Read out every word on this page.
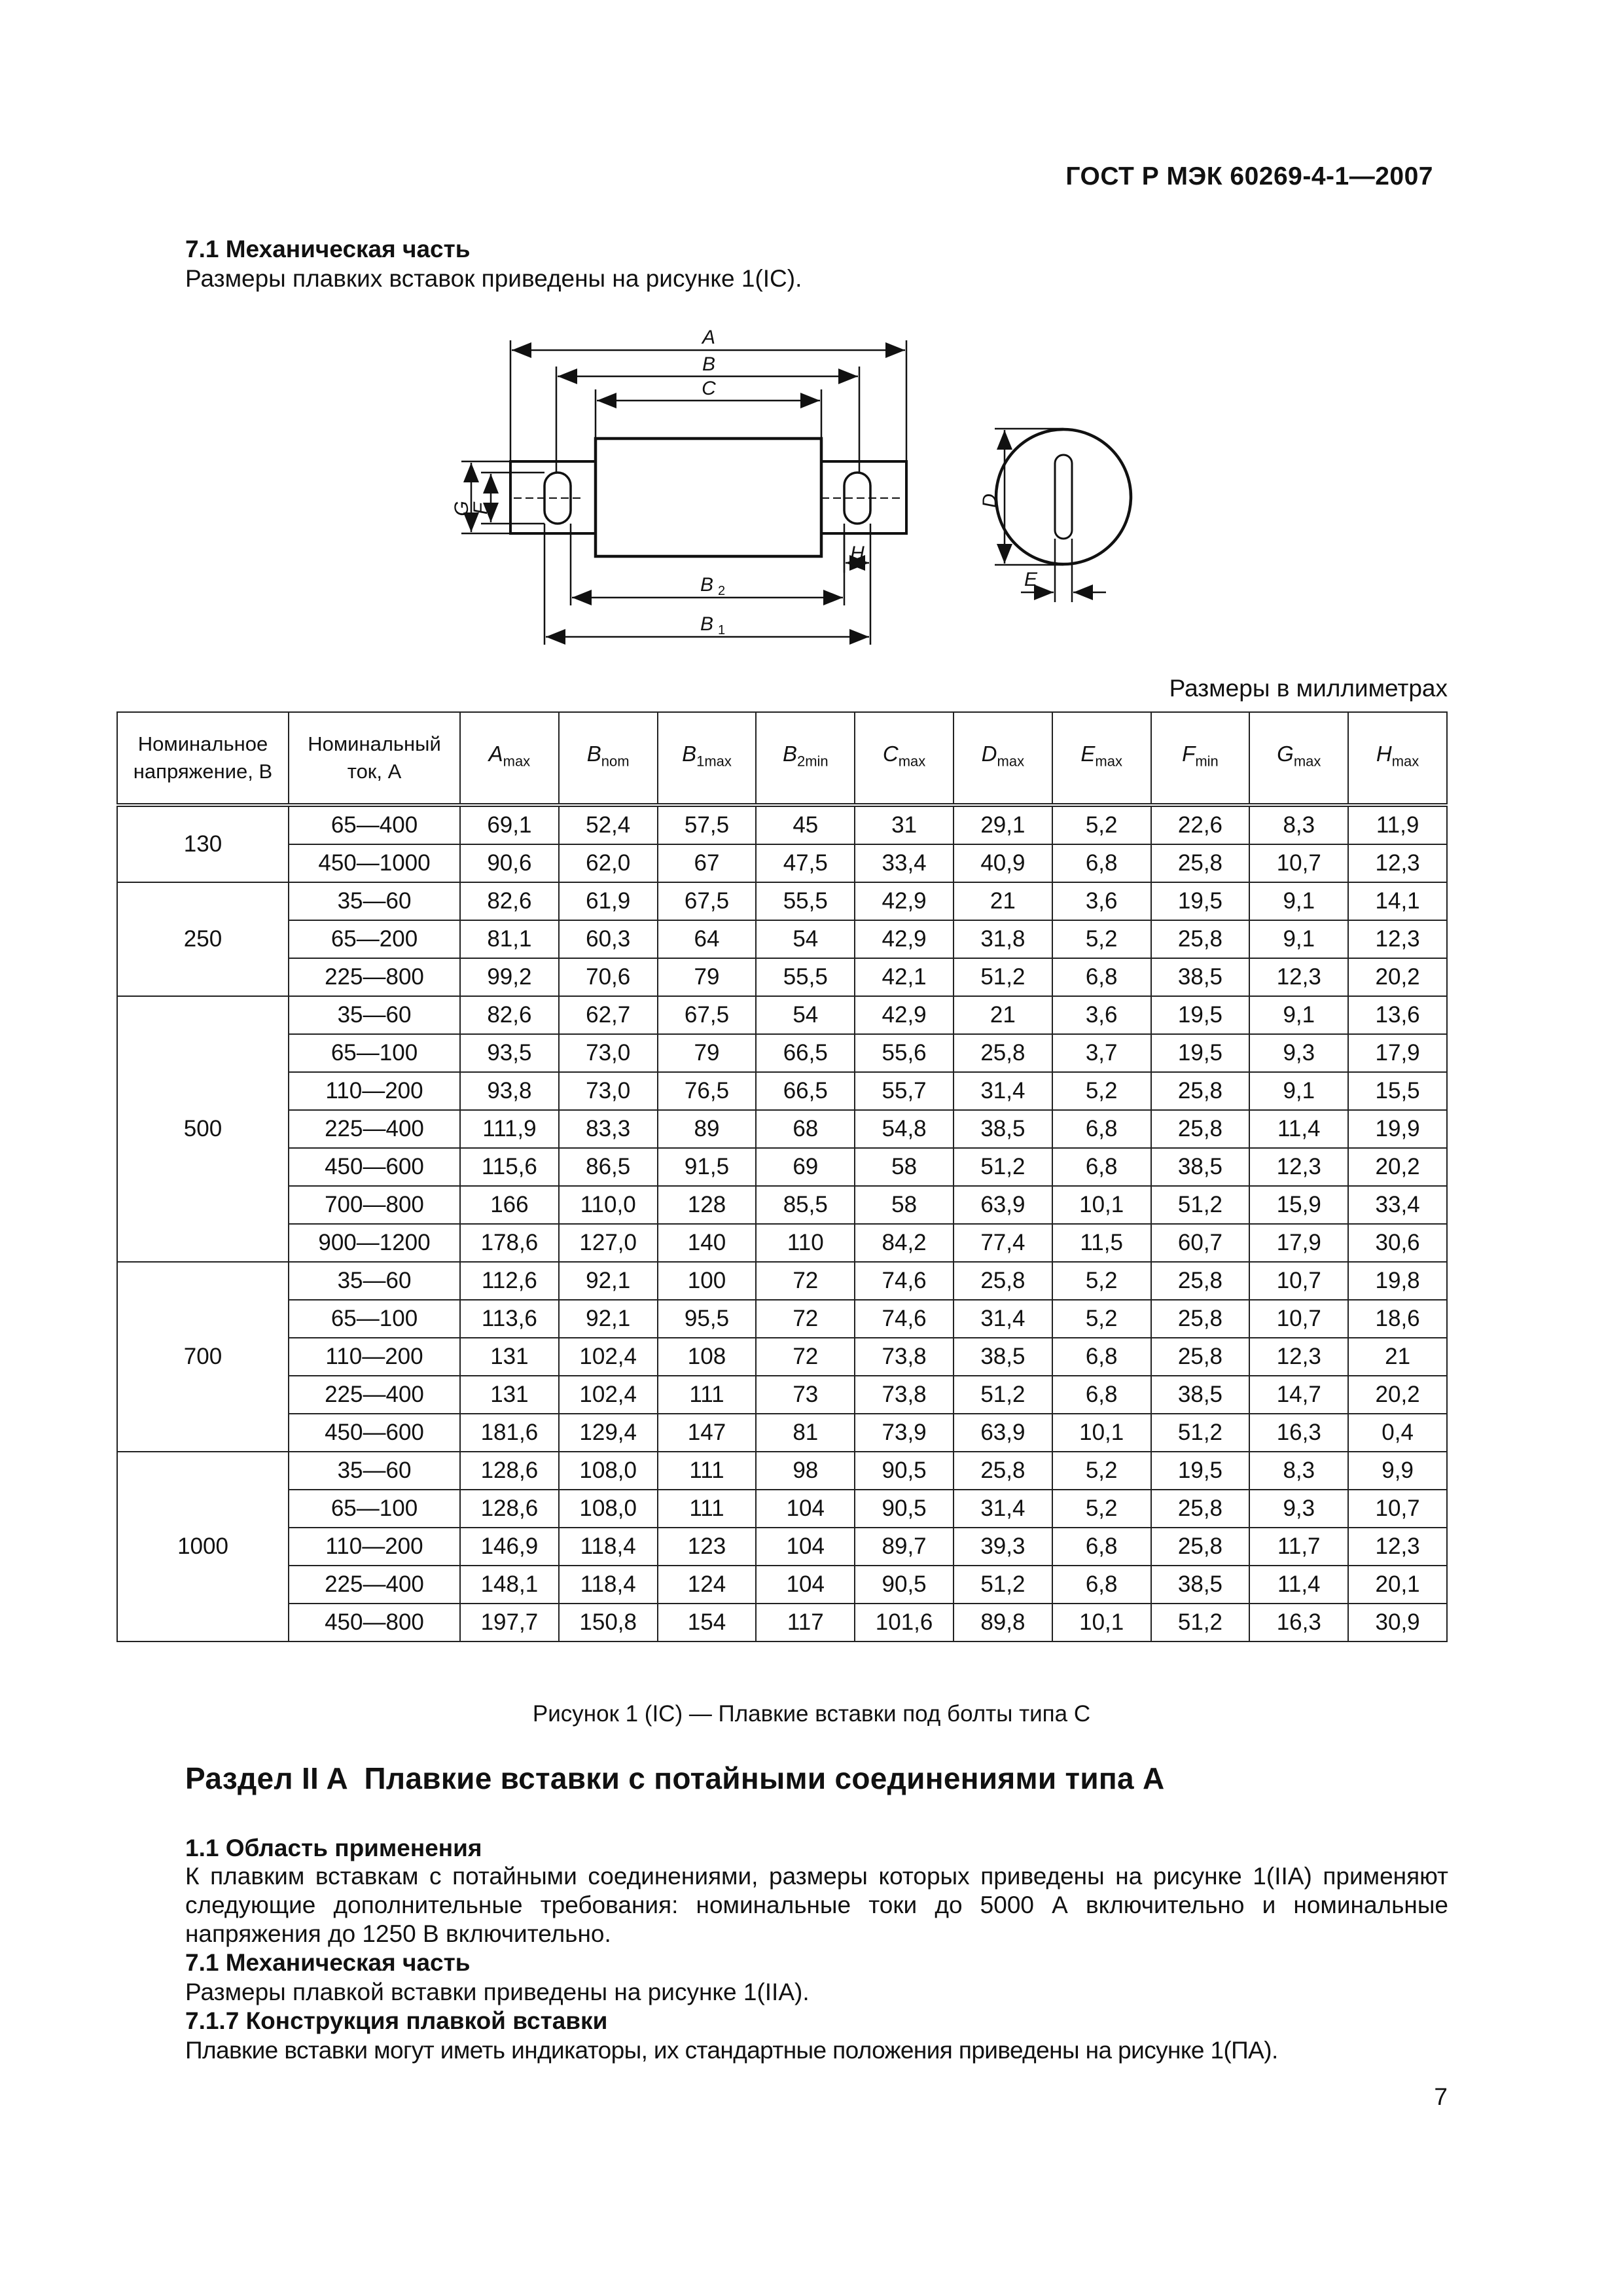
ГОСТ Р МЭК 60269-4-1—2007
7.1 Механическая часть
Размеры плавких вставок приведены на рисунке 1(IC).
A
B
C
H
B 2
B 1
G
F
D
E
Размеры в миллиметрах
Номинальное напряжение, В	Номинальный ток, А	$A_{max}$	$B_{nom}$	$B_{1max}$	$B_{2min}$	$C_{max}$	$D_{max}$	$E_{max}$	$F_{min}$	$G_{max}$	$H_{max}$
130	65—400	69,1	52,4	57,5	45	31	29,1	5,2	22,6	8,3	11,9
	450—1000	90,6	62,0	67	47,5	33,4	40,9	6,8	25,8	10,7	12,3
250	35—60	82,6	61,9	67,5	55,5	42,9	21	3,6	19,5	9,1	14,1
	65—200	81,1	60,3	64	54	42,9	31,8	5,2	25,8	9,1	12,3
	225—800	99,2	70,6	79	55,5	42,1	51,2	6,8	38,5	12,3	20,2
500	35—60	82,6	62,7	67,5	54	42,9	21	3,6	19,5	9,1	13,6
	65—100	93,5	73,0	79	66,5	55,6	25,8	3,7	19,5	9,3	17,9
	110—200	93,8	73,0	76,5	66,5	55,7	31,4	5,2	25,8	9,1	15,5
	225—400	111,9	83,3	89	68	54,8	38,5	6,8	25,8	11,4	19,9
	450—600	115,6	86,5	91,5	69	58	51,2	6,8	38,5	12,3	20,2
	700—800	166	110,0	128	85,5	58	63,9	10,1	51,2	15,9	33,4
	900—1200	178,6	127,0	140	110	84,2	77,4	11,5	60,7	17,9	30,6
700	35—60	112,6	92,1	100	72	74,6	25,8	5,2	25,8	10,7	19,8
	65—100	113,6	92,1	95,5	72	74,6	31,4	5,2	25,8	10,7	18,6
	110—200	131	102,4	108	72	73,8	38,5	6,8	25,8	12,3	21
	225—400	131	102,4	111	73	73,8	51,2	6,8	38,5	14,7	20,2
	450—600	181,6	129,4	147	81	73,9	63,9	10,1	51,2	16,3	0,4
1000	35—60	128,6	108,0	111	98	90,5	25,8	5,2	19,5	8,3	9,9
	65—100	128,6	108,0	111	104	90,5	31,4	5,2	25,8	9,3	10,7
	110—200	146,9	118,4	123	104	89,7	39,3	6,8	25,8	11,7	12,3
	225—400	148,1	118,4	124	104	90,5	51,2	6,8	38,5	11,4	20,1
	450—800	197,7	150,8	154	117	101,6	89,8	10,1	51,2	16,3	30,9
Рисунок 1 (IC) — Плавкие вставки под болты типа С
Раздел II A  Плавкие вставки с потайными соединениями типа А
1.1 Область применения
К плавким вставкам с потайными соединениями, размеры которых приведены на рисунке 1(IIA) применяют следующие дополнительные требования: номинальные токи до 5000 А включительно и номинальные напряжения до 1250 В включительно.
7.1 Механическая часть
Размеры плавкой вставки приведены на рисунке 1(IIA).
7.1.7 Конструкция плавкой вставки
Плавкие вставки могут иметь индикаторы, их стандартные положения приведены на рисунке 1(ПА).
7
